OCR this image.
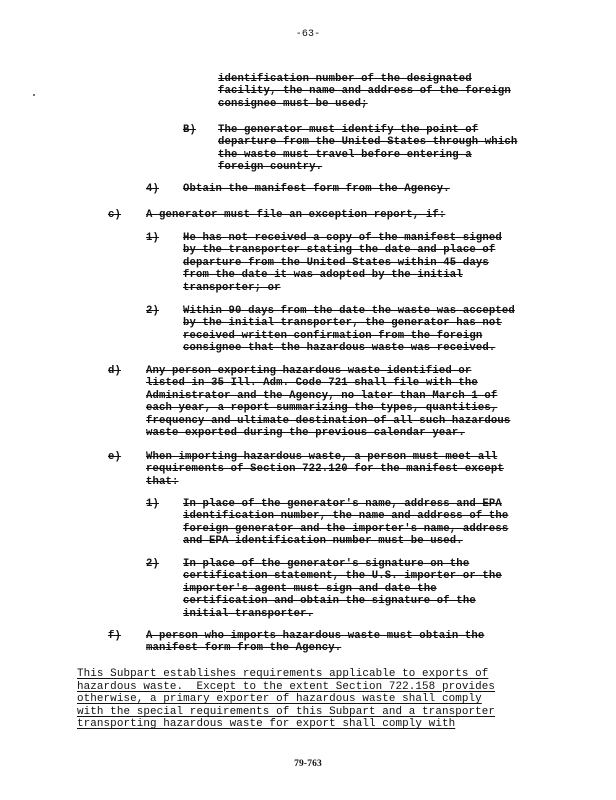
-63-
identification number of the designated
facility, the name and address of the foreign
consignee must be used;
B) The generator must identify the point of
departure from the United States through which
the waste must travel before entering a
foreign country.
4) Obtain the manifest form from the Agency.
c) A generator must file an exception report, if:
1) He has not received a copy of the manifest signed
by the transporter stating the date and place of
departure from the United States within 45 days
from the date it was adopted by the initial
transporter; or
2) Within 90 days from the date the waste was accepted
by the initial transporter, the generator has not
received written confirmation from the foreign
consignee that the hazardous waste was received.
d) Any person exporting hazardous waste identified or
listed in 35 Ill. Adm. Code 721 shall file with the
Administrator and the Agency, no later than March 1 of
each year, a report summarizing the types, quantities,
frequency and ultimate destination of all such hazardous
waste exported during the previous calendar year.
e) When importing hazardous waste, a person must meet all
requirements of Section 722.120 for the manifest except
that:
1) In place of the generator's name, address and EPA
identification number, the name and address of the
foreign generator and the importer's name, address
and EPA identification number must be used.
2) In place of the generator's signature on the
certification statement, the U.S. importer or the
importer's agent must sign and date the
certification and obtain the signature of the
initial transporter.
f) A person who imports hazardous waste must obtain the
manifest form from the Agency.
This Subpart establishes requirements applicable to exports of
hazardous waste.  Except to the extent Section 722.158 provides
otherwise, a primary exporter of hazardous waste shall comply
with the special requirements of this Subpart and a transporter
transporting hazardous waste for export shall comply with
79-763
